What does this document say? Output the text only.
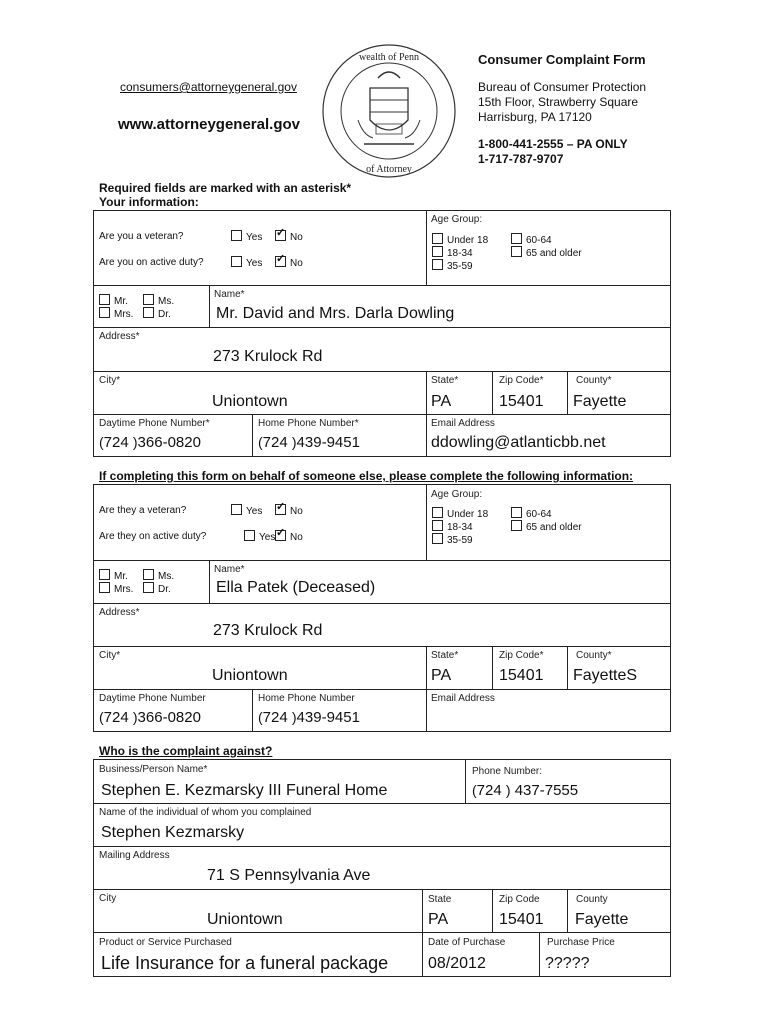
consumers@attorneygeneral.gov
www.attorneygeneral.gov
wealth of Penn
of Attorney
Consumer Complaint Form
Bureau of Consumer Protection
15th Floor, Strawberry Square
Harrisburg, PA 17120
1-800-441-2555 – PA ONLY
1-717-787-9707
Required fields are marked with an asterisk*
Your information:
Are you a veteran?	Yes ✓	No
Are you on active duty?	Yes ✓	No
Age Group:
Under 18
18-34
35-59
60-64
65 and older
Mr.	Ms.
Mrs.	Dr.
Name*
Mr. David and Mrs. Darla Dowling
Address*
273 Krulock Rd
City*
Uniontown
State*
PA
Zip Code*
15401
County*
Fayette
Daytime Phone Number*
(724 )366-0820
Home Phone Number*
(724 )439-9451
Email Address
ddowling@atlanticbb.net
If completing this form on behalf of someone else, please complete the following information:
Are they a veteran?	Yes ✓	No
Are they on active duty?	Yes ✓	No
Age Group:
Under 18
18-34
35-59
60-64
65 and older
Mr.	Ms.
Mrs.	Dr.
Name*
Ella Patek (Deceased)
Address*
273 Krulock Rd
City*
Uniontown
State*
PA
Zip Code*
15401
County*
FayetteS
Daytime Phone Number
(724 )366-0820
Home Phone Number
(724 )439-9451
Email Address
Who is the complaint against?
Business/Person Name*
Stephen E. Kezmarsky III Funeral Home
Phone Number:
(724 ) 437-7555
Name of the individual of whom you complained
Stephen Kezmarsky
Mailing Address
71 S Pennsylvania Ave
City
Uniontown
State
PA
Zip Code
15401
County
Fayette
Product or Service Purchased
Life Insurance for a funeral package
Date of Purchase
08/2012
Purchase Price
?????
